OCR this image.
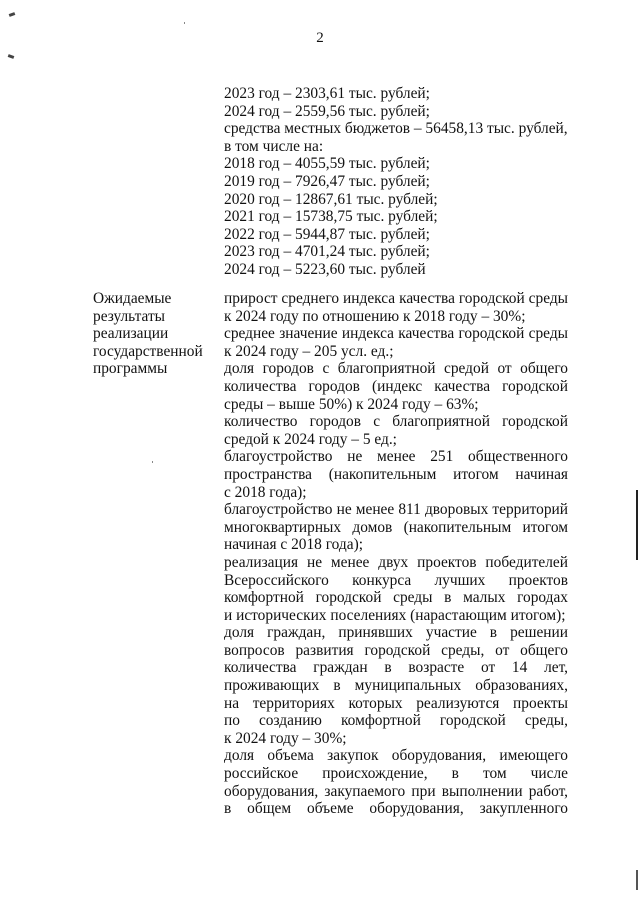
2
2023 год – 2303,61 тыс. рублей;
2024 год – 2559,56 тыс. рублей;
средства местных бюджетов – 56458,13 тыс. рублей,
в том числе на:
2018 год – 4055,59 тыс. рублей;
2019 год – 7926,47 тыс. рублей;
2020 год – 12867,61 тыс. рублей;
2021 год – 15738,75 тыс. рублей;
2022 год – 5944,87 тыс. рублей;
2023 год – 4701,24 тыс. рублей;
2024 год – 5223,60 тыс. рублей
Ожидаемые
результаты
реализации
государственной
программы
прирост среднего индекса качества городской среды
к 2024 году по отношению к 2018 году – 30%;
среднее значение индекса качества городской среды
к 2024 году – 205 усл. ед.;
доля городов с благоприятной средой от общего
количества городов (индекс качества городской
среды – выше 50%) к 2024 году – 63%;
количество городов с благоприятной городской
средой к 2024 году – 5 ед.;
благоустройство не менее 251 общественного
пространства (накопительным итогом начиная
с 2018 года);
благоустройство не менее 811 дворовых территорий
многоквартирных домов (накопительным итогом
начиная с 2018 года);
реализация не менее двух проектов победителей
Всероссийского конкурса лучших проектов
комфортной городской среды в малых городах
и исторических поселениях (нарастающим итогом);
доля граждан, принявших участие в решении
вопросов развития городской среды, от общего
количества граждан в возрасте от 14 лет,
проживающих в муниципальных образованиях,
на территориях которых реализуются проекты
по созданию комфортной городской среды,
к 2024 году – 30%;
доля объема закупок оборудования, имеющего
российское происхождение, в том числе
оборудования, закупаемого при выполнении работ,
в общем объеме оборудования, закупленного
